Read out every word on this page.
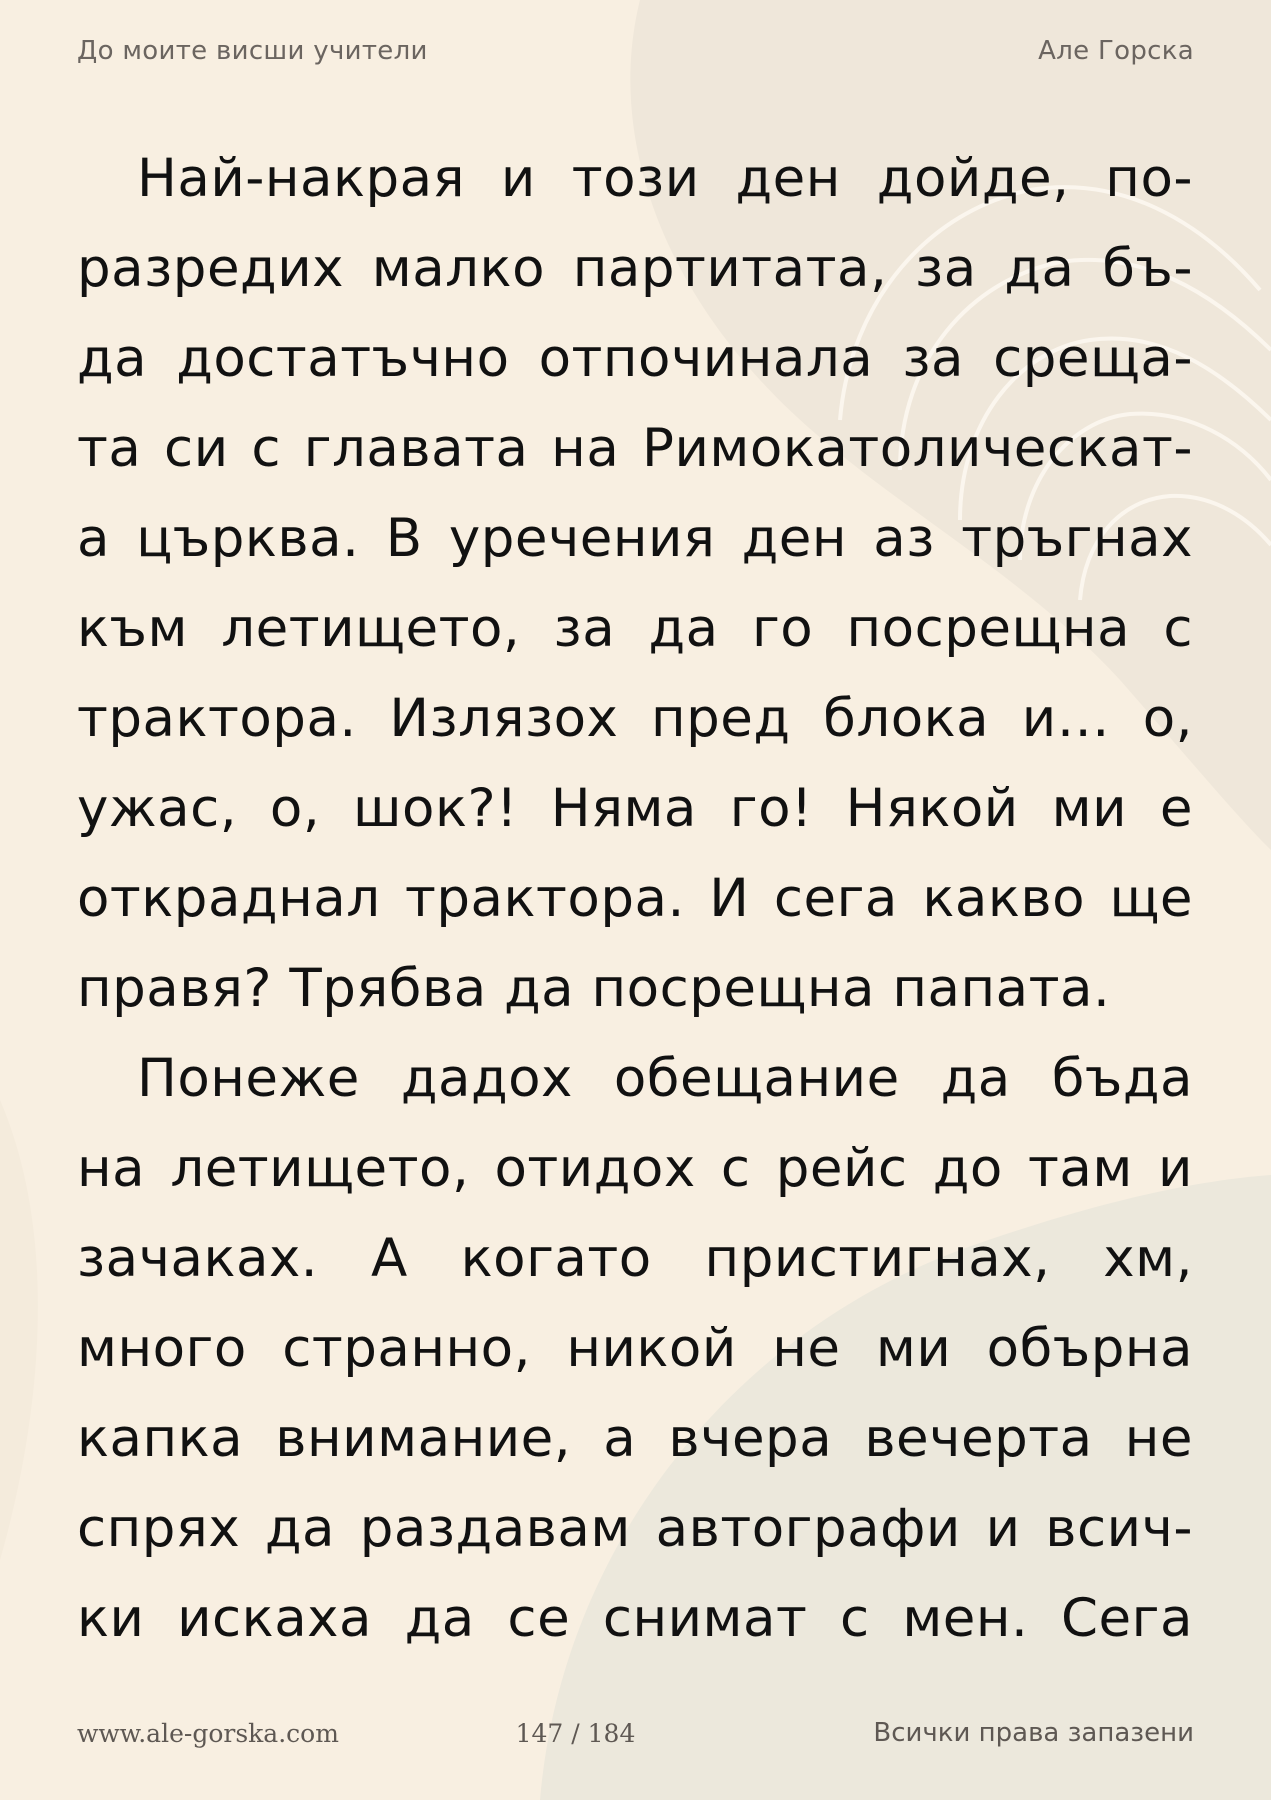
До моите висши учители	Але Горска

Най-накрая и този ден дойде, по-

разредих малко партитата, за да бъ-

да достатъчно отпочинала за среща-

та си с главата на Римокатолическат-

а църква. В уречения ден аз тръгнах

към летището, за да го посрещна с

трактора. Излязох пред блока и… о,

ужас, о, шок?! Няма го! Някой ми е

откраднал трактора. И сега какво ще

правя? Трябва да посрещна папата.

Понеже дадох обещание да бъда

на летището, отидох с рейс до там и

зачаках. А когато пристигнах, хм,

много странно, никой не ми обърна

капка внимание, а вчера вечерта не

спрях да раздавам автографи и всич-

ки искаха да се снимат с мен. Сега

www.ale-gorska.com	147 / 184	Всички права запазени
